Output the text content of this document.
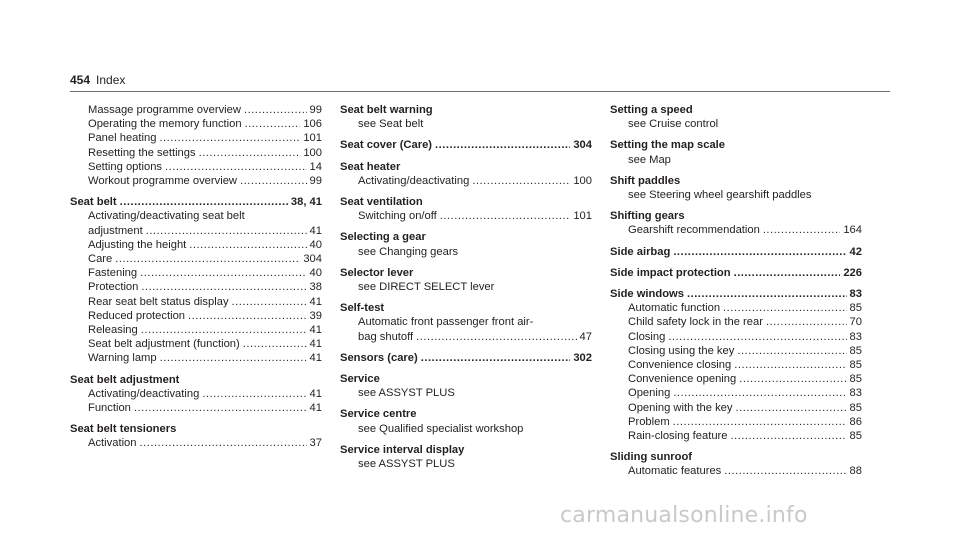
454 Index
Massage programme overview .....	99
Operating the memory function .....	106
Panel heating .....	101
Resetting the settings .....	100
Setting options .....	14
Workout programme overview .....	99
Seat belt .....	38, 41
Activating/deactivating seat belt
adjustment .....	41
Adjusting the height .....	40
Care .....	304
Fastening .....	40
Protection .....	38
Rear seat belt status display .....	41
Reduced protection .....	39
Releasing .....	41
Seat belt adjustment (function) .....	41
Warning lamp .....	41
Seat belt adjustment
Activating/deactivating .....	41
Function .....	41
Seat belt tensioners
Activation .....	37
Seat belt warning
see Seat belt
Seat cover (Care) .....	304
Seat heater
Activating/deactivating .....	100
Seat ventilation
Switching on/off .....	101
Selecting a gear
see Changing gears
Selector lever
see DIRECT SELECT lever
Self-test
Automatic front passenger front air-
bag shutoff .....	47
Sensors (care) .....	302
Service
see ASSYST PLUS
Service centre
see Qualified specialist workshop
Service interval display
see ASSYST PLUS
Setting a speed
see Cruise control
Setting the map scale
see Map
Shift paddles
see Steering wheel gearshift paddles
Shifting gears
Gearshift recommendation .....	164
Side airbag .....	42
Side impact protection .....	226
Side windows .....	83
Automatic function .....	85
Child safety lock in the rear .....	70
Closing .....	83
Closing using the key .....	85
Convenience closing .....	85
Convenience opening .....	85
Opening .....	83
Opening with the key .....	85
Problem .....	86
Rain-closing feature .....	85
Sliding sunroof
Automatic features .....	88
carmanualsonline.info
